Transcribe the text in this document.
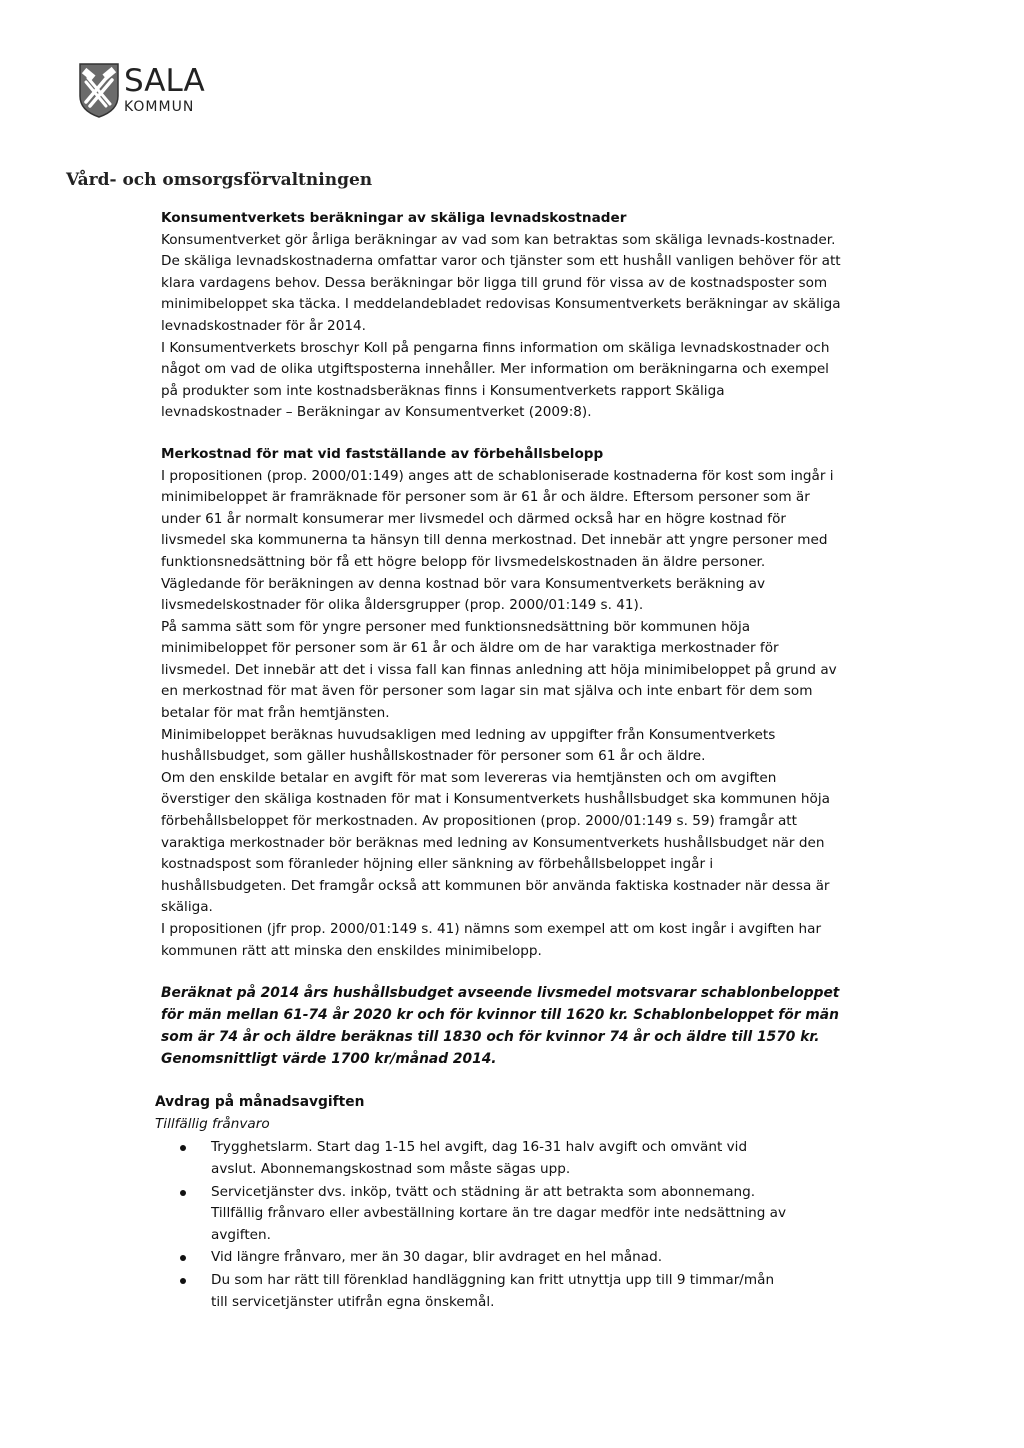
SALA
KOMMUN
Vård- och omsorgsförvaltningen
Konsumentverkets beräkningar av skäliga levnadskostnader

Konsumentverket gör årliga beräkningar av vad som kan betraktas som skäliga levnads-kostnader. De skäliga levnadskostnaderna omfattar varor och tjänster som ett hushåll vanligen behöver för att klara vardagens behov. Dessa beräkningar bör ligga till grund för vissa av de kostnadsposter som minimibeloppet ska täcka. I meddelandebladet redovisas Konsumentverkets beräkningar av skäliga levnadskostnader för år 2014.

I Konsumentverkets broschyr Koll på pengarna finns information om skäliga levnadskostnader och något om vad de olika utgiftsposterna innehåller. Mer information om beräkningarna och exempel på produkter som inte kostnadsberäknas finns i Konsumentverkets rapport Skäliga levnadskostnader – Beräkningar av Konsumentverket (2009:8).

Merkostnad för mat vid fastställande av förbehållsbelopp

I propositionen (prop. 2000/01:149) anges att de schabloniserade kostnaderna för kost som ingår i minimibeloppet är framräknade för personer som är 61 år och äldre. Eftersom personer som är under 61 år normalt konsumerar mer livsmedel och därmed också har en högre kostnad för livsmedel ska kommunerna ta hänsyn till denna merkostnad. Det innebär att yngre personer med funktionsnedsättning bör få ett högre belopp för livsmedelskostnaden än äldre personer. Vägledande för beräkningen av denna kostnad bör vara Konsumentverkets beräkning av livsmedelskostnader för olika åldersgrupper (prop. 2000/01:149 s. 41).

På samma sätt som för yngre personer med funktionsnedsättning bör kommunen höja minimibeloppet för personer som är 61 år och äldre om de har varaktiga merkostnader för livsmedel. Det innebär att det i vissa fall kan finnas anledning att höja minimibeloppet på grund av en merkostnad för mat även för personer som lagar sin mat själva och inte enbart för dem som betalar för mat från hemtjänsten.

Minimibeloppet beräknas huvudsakligen med ledning av uppgifter från Konsumentverkets hushållsbudget, som gäller hushållskostnader för personer som 61 år och äldre.

Om den enskilde betalar en avgift för mat som levereras via hemtjänsten och om avgiften överstiger den skäliga kostnaden för mat i Konsumentverkets hushållsbudget ska kommunen höja förbehållsbeloppet för merkostnaden. Av propositionen (prop. 2000/01:149 s. 59) framgår att varaktiga merkostnader bör beräknas med ledning av Konsumentverkets hushållsbudget när den kostnadspost som föranleder höjning eller sänkning av förbehållsbeloppet ingår i hushållsbudgeten. Det framgår också att kommunen bör använda faktiska kostnader när dessa är skäliga.

I propositionen (jfr prop. 2000/01:149 s. 41) nämns som exempel att om kost ingår i avgiften har kommunen rätt att minska den enskildes minimibelopp.

Beräknat på 2014 års hushållsbudget avseende livsmedel motsvarar schablonbeloppet för män mellan 61-74 år 2020 kr och för kvinnor till 1620 kr. Schablonbeloppet för män som är 74 år och äldre beräknas till 1830 och för kvinnor 74 år och äldre till 1570 kr. Genomsnittligt värde 1700 kr/månad 2014.

Avdrag på månadsavgiften

Tillfällig frånvaro

Trygghetslarm. Start dag 1-15 hel avgift, dag 16-31 halv avgift och omvänt vid avslut. Abonnemangskostnad som måste sägas upp.
Servicetjänster dvs. inköp, tvätt och städning är att betrakta som abonnemang. Tillfällig frånvaro eller avbeställning kortare än tre dagar medför inte nedsättning av avgiften.
Vid längre frånvaro, mer än 30 dagar, blir avdraget en hel månad.
Du som har rätt till förenklad handläggning kan fritt utnyttja upp till 9 timmar/mån till servicetjänster utifrån egna önskemål.
